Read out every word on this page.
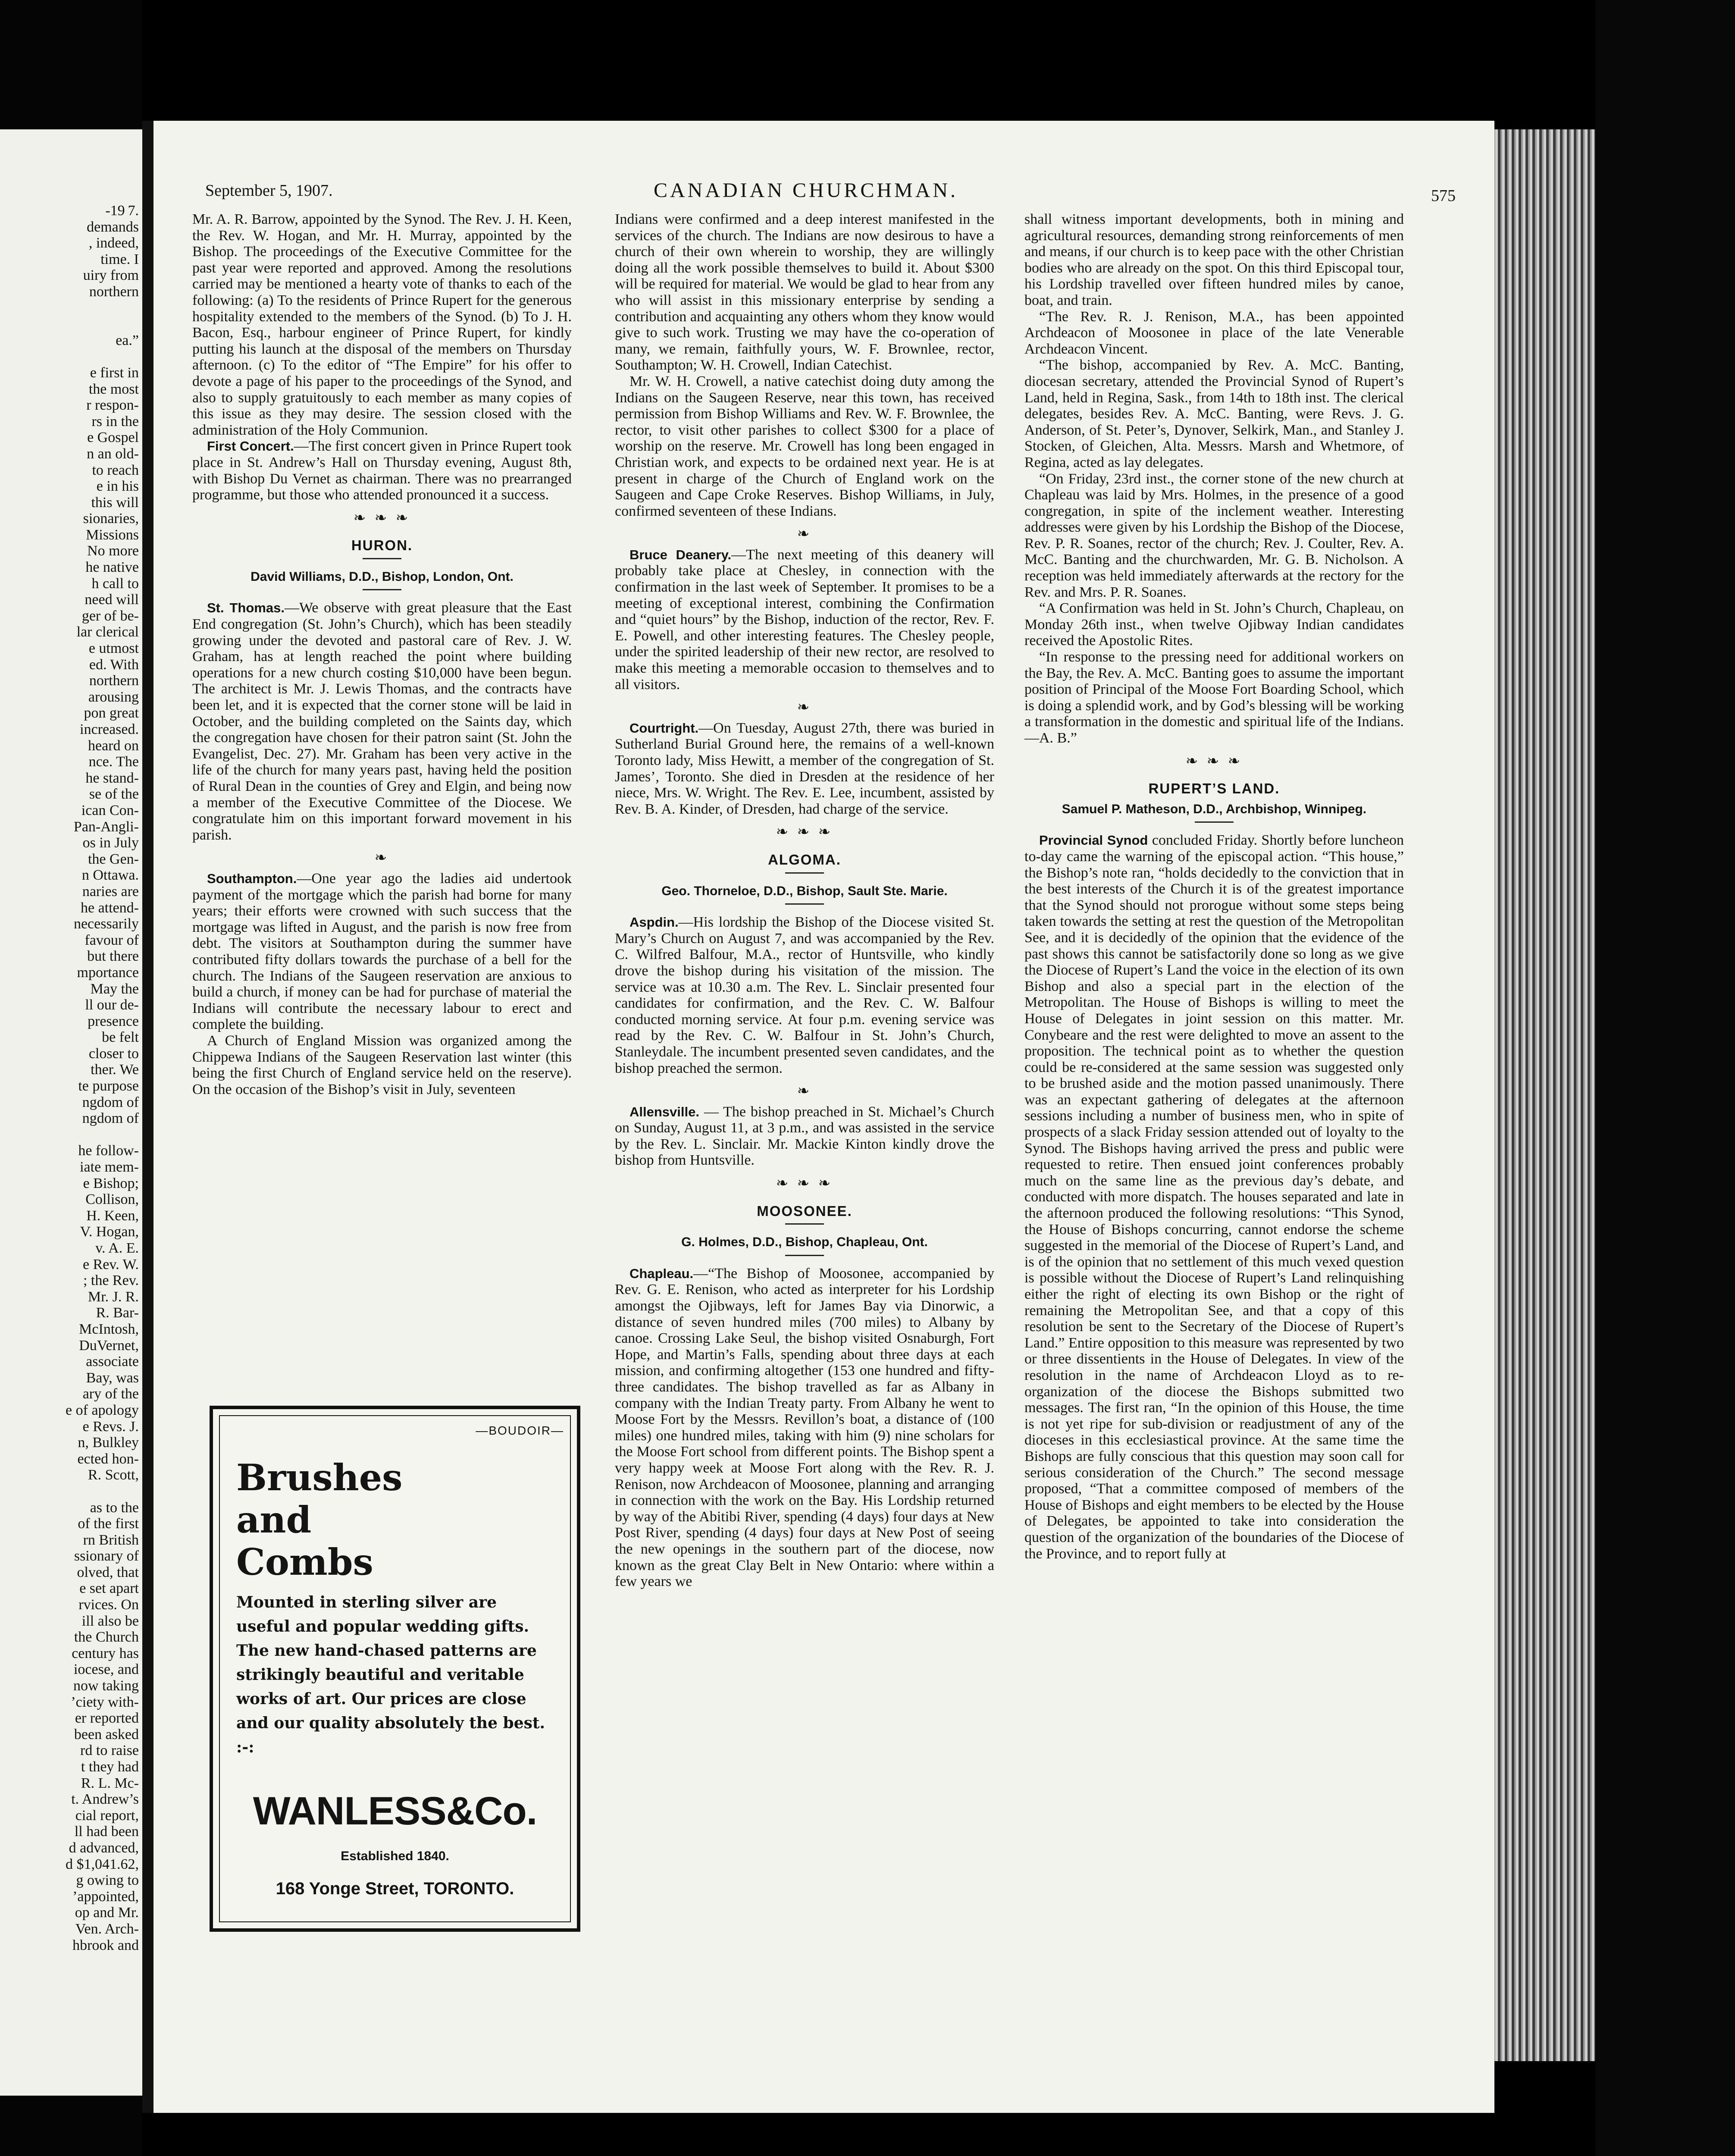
-19 7.
demands
, indeed,
time. I
uiry from
northern

ea.”

e first in
the most
r respon-
rs in the
e Gospel
n an old-
to reach
e in his
this will
sionaries,
Missions
No more
he native
h call to
need will
ger of be-
lar clerical
e utmost
ed. With
northern
arousing
pon great
increased.
heard on
nce. The
he stand-
se of the
ican Con-
Pan-Angli-
os in July
the Gen-
n Ottawa.
naries are
he attend-
necessarily
favour of
but there
mportance
May the
ll our de-
presence
be felt
closer to
ther. We
te purpose
ngdom of
ngdom of

he follow-
iate mem-
e Bishop;
Collison,
H. Keen,
V. Hogan,
v. A. E.
e Rev. W.
; the Rev.
Mr. J. R.
R. Bar-
McIntosh,
DuVernet,
associate
Bay, was
ary of the
e of apology
e Revs. J.
n, Bulkley
ected hon-
R. Scott,

as to the
of the first
rn British
ssionary of
olved, that
e set apart
rvices. On
ill also be
the Church
century has
iocese, and
now taking
’ciety with-
er reported
been asked
rd to raise
t they had
R. L. Mc-
t. Andrew’s
cial report,
ll had been
d advanced,
d $1,041.62,
g owing to
’appointed,
op and Mr.
Ven. Arch-
hbrook and
September 5, 1907.	CANADIAN CHURCHMAN.	575

Mr. A. R. Barrow, appointed by the Synod. The Rev. J. H. Keen, the Rev. W. Hogan, and Mr. H. Murray, appointed by the Bishop. The proceedings of the Executive Committee for the past year were reported and approved. Among the resolutions carried may be mentioned a hearty vote of thanks to each of the following: (a) To the residents of Prince Rupert for the generous hospitality extended to the members of the Synod. (b) To J. H. Bacon, Esq., harbour engineer of Prince Rupert, for kindly putting his launch at the disposal of the members on Thursday afternoon. (c) To the editor of “The Empire” for his offer to devote a page of his paper to the proceedings of the Synod, and also to supply gratuitously to each member as many copies of this issue as they may desire. The session closed with the administration of the Holy Communion.

First Concert.—The first concert given in Prince Rupert took place in St. Andrew’s Hall on Thursday evening, August 8th, with Bishop Du Vernet as chairman. There was no prearranged programme, but those who attended pronounced it a success.

❧ ❧ ❧
HURON.
David Williams, D.D., Bishop, London, Ont.

St. Thomas.—We observe with great pleasure that the East End congregation (St. John’s Church), which has been steadily growing under the devoted and pastoral care of Rev. J. W. Graham, has at length reached the point where building operations for a new church costing $10,000 have been begun. The architect is Mr. J. Lewis Thomas, and the contracts have been let, and it is expected that the corner stone will be laid in October, and the building completed on the Saints day, which the congregation have chosen for their patron saint (St. John the Evangelist, Dec. 27). Mr. Graham has been very active in the life of the church for many years past, having held the position of Rural Dean in the counties of Grey and Elgin, and being now a member of the Executive Committee of the Diocese. We congratulate him on this important forward movement in his parish.

❧

Southampton.—One year ago the ladies aid undertook payment of the mortgage which the parish had borne for many years; their efforts were crowned with such success that the mortgage was lifted in August, and the parish is now free from debt. The visitors at Southampton during the summer have contributed fifty dollars towards the purchase of a bell for the church. The Indians of the Saugeen reservation are anxious to build a church, if money can be had for purchase of material the Indians will contribute the necessary labour to erect and complete the building.

A Church of England Mission was organized among the Chippewa Indians of the Saugeen Reservation last winter (this being the first Church of England service held on the reserve). On the occasion of the Bishop’s visit in July, seventeen

—BOUDOIR—
Brushes and Combs
Mounted in sterling silver are useful and popular wedding gifts. The new hand-chased patterns are strikingly beautiful and veritable works of art. Our prices are close and our quality absolutely the best. :-:
WANLESS&Co.
Established 1840.
168 Yonge Street, TORONTO.

Indians were confirmed and a deep interest manifested in the services of the church. The Indians are now desirous to have a church of their own wherein to worship, they are willingly doing all the work possible themselves to build it. About $300 will be required for material. We would be glad to hear from any who will assist in this missionary enterprise by sending a contribution and acquainting any others whom they know would give to such work. Trusting we may have the co-operation of many, we remain, faithfully yours, W. F. Brownlee, rector, Southampton; W. H. Crowell, Indian Catechist.

Mr. W. H. Crowell, a native catechist doing duty among the Indians on the Saugeen Reserve, near this town, has received permission from Bishop Williams and Rev. W. F. Brownlee, the rector, to visit other parishes to collect $300 for a place of worship on the reserve. Mr. Crowell has long been engaged in Christian work, and expects to be ordained next year. He is at present in charge of the Church of England work on the Saugeen and Cape Croke Reserves. Bishop Williams, in July, confirmed seventeen of these Indians.

❧

Bruce Deanery.—The next meeting of this deanery will probably take place at Chesley, in connection with the confirmation in the last week of September. It promises to be a meeting of exceptional interest, combining the Confirmation and “quiet hours” by the Bishop, induction of the rector, Rev. F. E. Powell, and other interesting features. The Chesley people, under the spirited leadership of their new rector, are resolved to make this meeting a memorable occasion to themselves and to all visitors.

❧

Courtright.—On Tuesday, August 27th, there was buried in Sutherland Burial Ground here, the remains of a well-known Toronto lady, Miss Hewitt, a member of the congregation of St. James’, Toronto. She died in Dresden at the residence of her niece, Mrs. W. Wright. The Rev. E. Lee, incumbent, assisted by Rev. B. A. Kinder, of Dresden, had charge of the service.

❧ ❧ ❧
ALGOMA.
Geo. Thorneloe, D.D., Bishop, Sault Ste. Marie.

Aspdin.—His lordship the Bishop of the Diocese visited St. Mary’s Church on August 7, and was accompanied by the Rev. C. Wilfred Balfour, M.A., rector of Huntsville, who kindly drove the bishop during his visitation of the mission. The service was at 10.30 a.m. The Rev. L. Sinclair presented four candidates for confirmation, and the Rev. C. W. Balfour conducted morning service. At four p.m. evening service was read by the Rev. C. W. Balfour in St. John’s Church, Stanleydale. The incumbent presented seven candidates, and the bishop preached the sermon.

❧

Allensville. — The bishop preached in St. Michael’s Church on Sunday, August 11, at 3 p.m., and was assisted in the service by the Rev. L. Sinclair. Mr. Mackie Kinton kindly drove the bishop from Huntsville.

❧ ❧ ❧
MOOSONEE.
G. Holmes, D.D., Bishop, Chapleau, Ont.

Chapleau.—“The Bishop of Moosonee, accompanied by Rev. G. E. Renison, who acted as interpreter for his Lordship amongst the Ojibways, left for James Bay via Dinorwic, a distance of seven hundred miles (700 miles) to Albany by canoe. Crossing Lake Seul, the bishop visited Osnaburgh, Fort Hope, and Martin’s Falls, spending about three days at each mission, and confirming altogether (153 one hundred and fifty-three candidates. The bishop travelled as far as Albany in company with the Indian Treaty party. From Albany he went to Moose Fort by the Messrs. Revillon’s boat, a distance of (100 miles) one hundred miles, taking with him (9) nine scholars for the Moose Fort school from different points. The Bishop spent a very happy week at Moose Fort along with the Rev. R. J. Renison, now Archdeacon of Moosonee, planning and arranging in connection with the work on the Bay. His Lordship returned by way of the Abitibi River, spending (4 days) four days at New Post River, spending (4 days) four days at New Post of seeing the new openings in the southern part of the diocese, now known as the great Clay Belt in New Ontario: where within a few years we

shall witness important developments, both in mining and agricultural resources, demanding strong reinforcements of men and means, if our church is to keep pace with the other Christian bodies who are already on the spot. On this third Episcopal tour, his Lordship travelled over fifteen hundred miles by canoe, boat, and train.

“The Rev. R. J. Renison, M.A., has been appointed Archdeacon of Moosonee in place of the late Venerable Archdeacon Vincent.

“The bishop, accompanied by Rev. A. McC. Banting, diocesan secretary, attended the Provincial Synod of Rupert’s Land, held in Regina, Sask., from 14th to 18th inst. The clerical delegates, besides Rev. A. McC. Banting, were Revs. J. G. Anderson, of St. Peter’s, Dynover, Selkirk, Man., and Stanley J. Stocken, of Gleichen, Alta. Messrs. Marsh and Whetmore, of Regina, acted as lay delegates.

“On Friday, 23rd inst., the corner stone of the new church at Chapleau was laid by Mrs. Holmes, in the presence of a good congregation, in spite of the inclement weather. Interesting addresses were given by his Lordship the Bishop of the Diocese, Rev. P. R. Soanes, rector of the church; Rev. J. Coulter, Rev. A. McC. Banting and the churchwarden, Mr. G. B. Nicholson. A reception was held immediately afterwards at the rectory for the Rev. and Mrs. P. R. Soanes.

“A Confirmation was held in St. John’s Church, Chapleau, on Monday 26th inst., when twelve Ojibway Indian candidates received the Apostolic Rites.

“In response to the pressing need for additional workers on the Bay, the Rev. A. McC. Banting goes to assume the important position of Principal of the Moose Fort Boarding School, which is doing a splendid work, and by God’s blessing will be working a transformation in the domestic and spiritual life of the Indians.—A. B.”

❧ ❧ ❧
RUPERT’S LAND.
Samuel P. Matheson, D.D., Archbishop, Winnipeg.

Provincial Synod concluded Friday. Shortly before luncheon to-day came the warning of the episcopal action. “This house,” the Bishop’s note ran, “holds decidedly to the conviction that in the best interests of the Church it is of the greatest importance that the Synod should not prorogue without some steps being taken towards the setting at rest the question of the Metropolitan See, and it is decidedly of the opinion that the evidence of the past shows this cannot be satisfactorily done so long as we give the Diocese of Rupert’s Land the voice in the election of its own Bishop and also a special part in the election of the Metropolitan. The House of Bishops is willing to meet the House of Delegates in joint session on this matter. Mr. Conybeare and the rest were delighted to move an assent to the proposition. The technical point as to whether the question could be re-considered at the same session was suggested only to be brushed aside and the motion passed unanimously. There was an expectant gathering of delegates at the afternoon sessions including a number of business men, who in spite of prospects of a slack Friday session attended out of loyalty to the Synod. The Bishops having arrived the press and public were requested to retire. Then ensued joint conferences probably much on the same line as the previous day’s debate, and conducted with more dispatch. The houses separated and late in the afternoon produced the following resolutions: “This Synod, the House of Bishops concurring, cannot endorse the scheme suggested in the memorial of the Diocese of Rupert’s Land, and is of the opinion that no settlement of this much vexed question is possible without the Diocese of Rupert’s Land relinquishing either the right of electing its own Bishop or the right of remaining the Metropolitan See, and that a copy of this resolution be sent to the Secretary of the Diocese of Rupert’s Land.” Entire opposition to this measure was represented by two or three dissentients in the House of Delegates. In view of the resolution in the name of Archdeacon Lloyd as to re-organization of the diocese the Bishops submitted two messages. The first ran, “In the opinion of this House, the time is not yet ripe for sub-division or readjustment of any of the dioceses in this ecclesiastical province. At the same time the Bishops are fully conscious that this question may soon call for serious consideration of the Church.” The second message proposed, “That a committee composed of members of the House of Bishops and eight members to be elected by the House of Delegates, be appointed to take into consideration the question of the organization of the boundaries of the Diocese of the Province, and to report fully at
